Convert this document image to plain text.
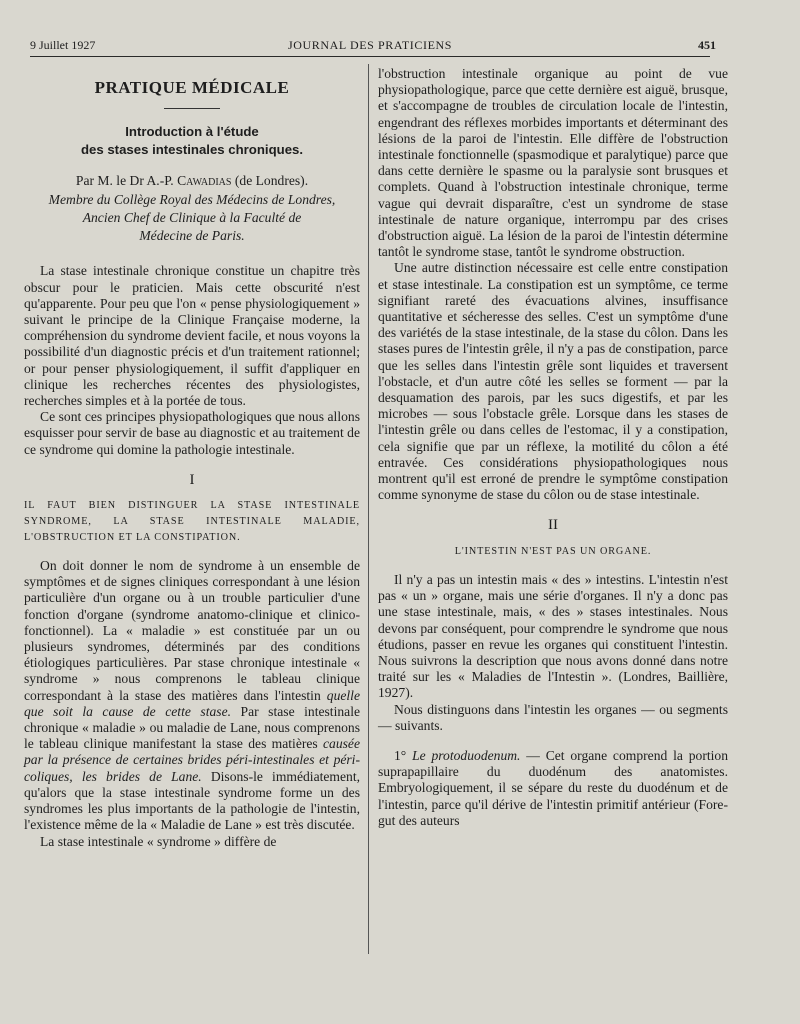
9 Juillet 1927	JOURNAL DES PRATICIENS	451
PRATIQUE MÉDICALE
Introduction à l'étude
des stases intestinales chroniques.
Par M. le Dr A.-P. Cawadias (de Londres).
Membre du Collège Royal des Médecins de Londres,
Ancien Chef de Clinique à la Faculté de
Médecine de Paris.

La stase intestinale chronique constitue un chapitre très obscur pour le praticien. Mais cette obscurité n'est qu'apparente. Pour peu que l'on « pense physiologiquement » suivant le principe de la Clinique Française moderne, la compréhension du syndrome devient facile, et nous voyons la possibilité d'un diagnostic précis et d'un traitement rationnel; or pour penser physiologiquement, il suffit d'appliquer en clinique les recherches récentes des physiologistes, recherches simples et à la portée de tous.

Ce sont ces principes physiopathologiques que nous allons esquisser pour servir de base au diagnostic et au traitement de ce syndrome qui domine la pathologie intestinale.

I
IL FAUT BIEN DISTINGUER LA STASE INTESTINALE SYNDROME, LA STASE INTESTINALE MALADIE, L'OBSTRUCTION ET LA CONSTIPATION.

On doit donner le nom de syndrome à un ensemble de symptômes et de signes cliniques correspondant à une lésion particulière d'un organe ou à un trouble particulier d'une fonction d'organe (syndrome anatomo-clinique et clinico-fonctionnel). La « maladie » est constituée par un ou plusieurs syndromes, déterminés par des conditions étiologiques particulières. Par stase chronique intestinale « syndrome » nous comprenons le tableau clinique correspondant à la stase des matières dans l'intestin quelle que soit la cause de cette stase. Par stase intestinale chronique « maladie » ou maladie de Lane, nous comprenons le tableau clinique manifestant la stase des matières causée par la présence de certaines brides péri-intestinales et péri-coliques, les brides de Lane. Disons-le immédiatement, qu'alors que la stase intestinale syndrome forme un des syndromes les plus importants de la pathologie de l'intestin, l'existence même de la « Maladie de Lane » est très discutée.

La stase intestinale « syndrome » diffère de

l'obstruction intestinale organique au point de vue physiopathologique, parce que cette dernière est aiguë, brusque, et s'accompagne de troubles de circulation locale de l'intestin, engendrant des réflexes morbides importants et déterminant des lésions de la paroi de l'intestin. Elle diffère de l'obstruction intestinale fonctionnelle (spasmodique et paralytique) parce que dans cette dernière le spasme ou la paralysie sont brusques et complets. Quand à l'obstruction intestinale chronique, terme vague qui devrait disparaître, c'est un syndrome de stase intestinale de nature organique, interrompu par des crises d'obstruction aiguë. La lésion de la paroi de l'intestin détermine tantôt le syndrome stase, tantôt le syndrome obstruction.

Une autre distinction nécessaire est celle entre constipation et stase intestinale. La constipation est un symptôme, ce terme signifiant rareté des évacuations alvines, insuffisance quantitative et sécheresse des selles. C'est un symptôme d'une des variétés de la stase intestinale, de la stase du côlon. Dans les stases pures de l'intestin grêle, il n'y a pas de constipation, parce que les selles dans l'intestin grêle sont liquides et traversent l'obstacle, et d'un autre côté les selles se forment — par la desquamation des parois, par les sucs digestifs, et par les microbes — sous l'obstacle grêle. Lorsque dans les stases de l'intestin grêle ou dans celles de l'estomac, il y a constipation, cela signifie que par un réflexe, la motilité du côlon a été entravée. Ces considérations physiopathologiques nous montrent qu'il est erroné de prendre le symptôme constipation comme synonyme de stase du côlon ou de stase intestinale.

II
L'INTESTIN N'EST PAS UN ORGANE.

Il n'y a pas un intestin mais « des » intestins. L'intestin n'est pas « un » organe, mais une série d'organes. Il n'y a donc pas une stase intestinale, mais, « des » stases intestinales. Nous devons par conséquent, pour comprendre le syndrome que nous étudions, passer en revue les organes qui constituent l'intestin. Nous suivrons la description que nous avons donné dans notre traité sur les « Maladies de l'Intestin ». (Londres, Baillière, 1927).

Nous distinguons dans l'intestin les organes — ou segments — suivants.

1° Le protoduodenum. — Cet organe comprend la portion suprapapillaire du duodénum des anatomistes. Embryologiquement, il se sépare du reste du duodénum et de l'intestin, parce qu'il dérive de l'intestin primitif antérieur (Fore-gut des auteurs
